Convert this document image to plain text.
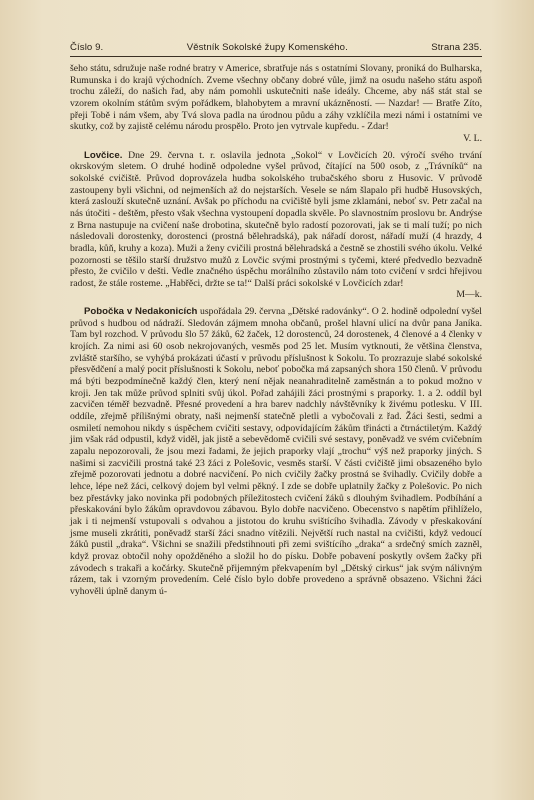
Číslo 9.	Věstník Sokolské župy Komenského.	Strana 235.

šeho státu, sdružuje naše rodné bratry v Americe, sbratřuje nás s ostatními Slovany, proniká do Bulharska, Rumunska i do krajů východních. Zveme všechny občany dobré vůle, jimž na osudu našeho státu aspoň trochu záleží, do našich řad, aby nám pomohli uskutečniti naše ideály. Chceme, aby náš stát stal se vzorem okolním státům svým pořádkem, blahobytem a mravní ukázněností. — Nazdar! — Bratře Zíto, přeji Tobě i nám všem, aby Tvá slova padla na úrodnou půdu a záhy vzklíčila mezi námi i ostatními ve skutky, což by zajistě celému národu prospělo. Proto jen vytrvale kupředu. - Zdar!

V. L.

Lovčice. Dne 29. června t. r. oslavila jednota „Sokol“ v Lovčicích 20. výročí svého trvání okrskovým sletem. O druhé hodině odpoledne vyšel průvod, čítající na 500 osob, z „Trávníků“ na sokolské cvičiště. Průvod doprovázela hudba sokolského trubačského sboru z Husovic. V průvodě zastoupeny byli všichni, od nejmenších až do nejstarších. Vesele se nám šlapalo při hudbě Husovských, která zaslouží skutečně uznání. Avšak po příchodu na cvičiště byli jsme zklamáni, neboť sv. Petr začal na nás útočiti - deštěm, přesto však všechna vystoupení dopadla skvěle. Po slavnostním proslovu br. Andrýse z Brna nastupuje na cvičení naše drobotina, skutečně bylo radostí pozorovati, jak se ti malí tuží; po nich následovali dorostenky, dorostenci (prostná bělehradská), pak nářadí dorost, nářadí muží (4 hrazdy, 4 bradla, kůň, kruhy a koza). Muži a ženy cvičili prostná bělehradská a čestně se zhostili svého úkolu. Velké pozornosti se těšilo starší družstvo mužů z Lovčic svými prostnými s tyčemi, které předvedlo bezvadně přesto, že cvičilo v dešti. Vedle značného úspěchu morálního zůstavilo nám toto cvičení v srdci hřejivou radost, že stále rosteme. „Habřěci, držte se ta!“ Další práci sokolské v Lovčicích zdar!

M—k.

Pobočka v Nedakonicích uspořádala 29. června „Dětské radovánky“. O 2. hodině odpolední vyšel průvod s hudbou od nádraží. Sledován zájmem mnoha občanů, prošel hlavní ulicí na dvůr pana Janíka. Tam byl rozchod. V průvodu šlo 57 žáků, 62 žaček, 12 dorostenců, 24 dorostenek, 4 členové a 4 členky v krojích. Za nimi asi 60 osob nekrojovaných, vesměs pod 25 let. Musím vytknouti, že většina členstva, zvláště staršího, se vyhýbá prokázati účastí v průvodu příslušnost k Sokolu. To prozrazuje slabé sokolské přesvědčení a malý pocit příslušnosti k Sokolu, neboť pobočka má zapsaných shora 150 členů. V průvodu má býti bezpodmínečně každý člen, který není nějak neanahraditelně zaměstnán a to pokud možno v kroji. Jen tak může průvod splniti svůj úkol. Pořad zahájili žáci prostnými s praporky. 1. a 2. oddíl byl zacvičen téměř bezvadně. Přesné provedení a hra barev nadchly návštěvníky k živému potlesku. V III. oddíle, zřejmě přílišnými obraty, naši nejmenší statečně pletli a vybočovali z řad. Žáci šesti, sedmi a osmiletí nemohou nikdy s úspěchem cvičiti sestavy, odpovídajícím žákům třinácti a čtrnáctiletým. Každý jim však rád odpustil, když viděl, jak jistě a sebevědomě cvičili své sestavy, poněvadž ve svém cvičebním zapalu nepozorovali, že jsou mezi řadami, že jejich praporky vlají „trochu“ výš než praporky jiných. S našimi si zacvičili prostná také 23 žáci z Polešovic, vesměs starší. V části cvičiště jimi obsazeného bylo zřejmě pozorovati jednotu a dobré nacvičení. Po nich cvičily žačky prostná se švihadly. Cvičily dobře a lehce, lépe než žáci, celkový dojem byl velmi pěkný. I zde se dobře uplatnily žačky z Polešovic. Po nich bez přestávky jako novinka při podobných příležitostech cvičení žáků s dlouhým švihadlem. Podbíhání a přeskakování bylo žákům opravdovou zábavou. Bylo dobře nacvičeno. Obecenstvo s napětím přihlíželo, jak i ti nejmenší vstupovali s odvahou a jistotou do kruhu svištícího švihadla. Závody v přeskakování jsme museli zkrátiti, poněvadž starší žáci snadno vítězili. Největší ruch nastal na cvičišti, když vedoucí žáků pustil „draka“. Všichni se snažili předstihnouti při zemi svištícího „draka“ a srdečný smích zazněl, když provaz obtočil nohy opožděného a složil ho do písku. Dobře pobavení poskytly ovšem žačky při závodech s trakaři a kočárky. Skutečně přijemným překvapením byl „Dětský cirkus“ jak svým nálivným rázem, tak i vzorným provedením. Celé číslo bylo dobře provedeno a správně obsazeno. Všichni žáci vyhověli úplně danym ú-
